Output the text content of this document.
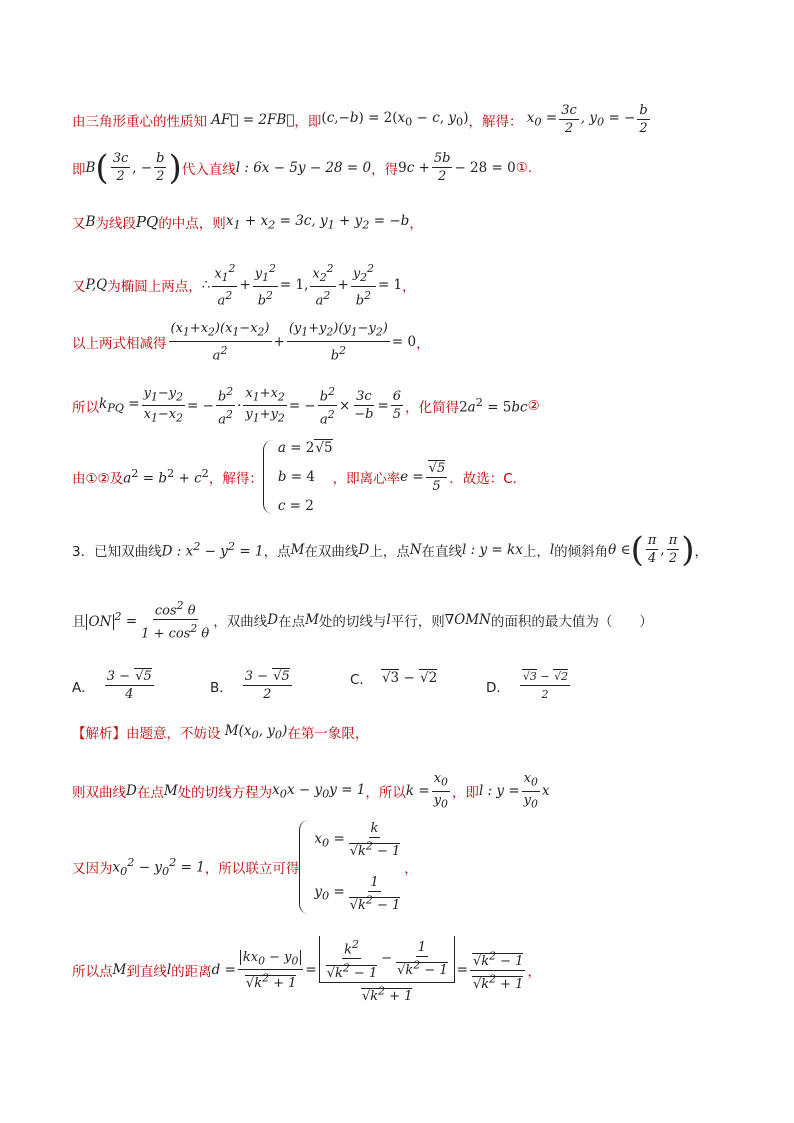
由三角形重心的性质知 AF⃗ = 2FB⃗ ，即 $(c,-b) = 2(x_0 - c$, $y_0$) ，解得： $x_0 = \frac{3c}{2}$ , $y_0$ = − $\frac{b}{2}$
即 B ( $\frac{3c}{2}$ , − $\frac{b}{2}$ ) 代入直线 l : 6x − 5y − 28 = 0 ，得 $9c + \frac{5b}{2} - 28 = 0$ ①.
又 B 为线段 PQ 的中点，则 $x_1 + x_2 = 3c$, $y_1 + y_2 = -b$ ，
又 P,Q 为椭圆上两点， ∴ $\frac{x_1^2}{a^2} + \frac{y_1^2}{b^2} = 1$, $\frac{x_2^2}{a^2} + \frac{y_2^2}{b^2} = 1$ ，
以上两式相减得 $\frac{(x_1+x_2)(x_1-x_2)}{a^2} + \frac{(y_1+y_2)(y_1-y_2)}{b^2} = 0$ ，
所以 $k_{PQ} = \frac{y_1-y_2}{x_1-x_2}$ = − $\frac{b^2}{a^2} \cdot \frac{x_1+x_2}{y_1+y_2}$ = − $\frac{b^2}{a^2} \times \frac{3c}{-b} = \frac{6}{5}$ ，化简得 $2a^2 = 5bc$ ②
由①②及 $a^2 = b^2 + c^2$ ，解得：
a = 2√5
b = 4
c = 2
，即离心率 $e = \frac{√5}{5}$ ．故选：C.
3．已知双曲线 D : $x^2 - y^2 = 1$ ，点 M 在双曲线 D 上，点 N 在直线 l : y = kx 上， l 的倾斜角 θ ∈ ( $\frac{\pi}{4}$ , $\frac{\pi}{2}$ ) ，
且 ON $^2 = \frac{\cos^2 \theta}{1 + \cos^2 \theta}$ ，双曲线 D 在点 M 处的切线与 l 平行，则 ∇OMN 的面积的最大值为（　　）
A． $\frac{3 - √5}{4}$	B． $\frac{3 - √5}{2}$	C． √3 − √2
D． $\frac{√3 - √2}{2}$
【解析】 由题意，不妨设 $M(x_0$, $y_0$) 在第一象限，
则双曲线 D 在点 M 处的切线方程为 $x_0x - y_0y = 1$ ，所以 $k = \frac{x_0}{y_0}$ ，即 l : $y = \frac{x_0}{y_0}$ x
又因为 $x_0^2 - y_0^2 = 1$ ，所以联立可得
$x_0 = \frac{k}{√k^2 - 1}$
$y_0 = \frac{1}{√k^2 - 1}$
，
所以点 M 到直线 l 的距离 $d = \frac{kx_0 - y_0}{√k^2 + 1} = \frac{\frac{k^2}{√k^2 - 1} - \frac{1}{√k^2 - 1}}{√k^2 + 1} = \frac{√k^2 - 1}{√k^2 + 1}$ ，
